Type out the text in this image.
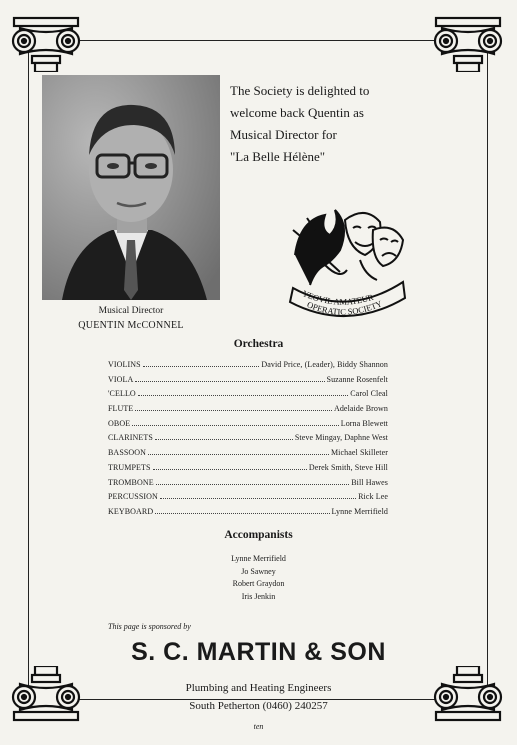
Musical Director
QUENTIN McCONNEL
The Society is delighted to
welcome back Quentin as
Musical Director for
"La Belle Hélène"
YEOVIL AMATEUR
OPERATIC SOCIETY
Orchestra
VIOLINS	David Price, (Leader), Biddy Shannon
VIOLA	Suzanne Rosenfelt
'CELLO	Carol Cleal
FLUTE	Adelaide Brown
OBOE	Lorna Blewett
CLARINETS	Steve Mingay, Daphne West
BASSOON	Michael Skilleter
TRUMPETS	Derek Smith, Steve Hill
TROMBONE	Bill Hawes
PERCUSSION	Rick Lee
KEYBOARD	Lynne Merrifield
Accompanists
Lynne Merrifield
Jo Sawney
Robert Graydon
Iris Jenkin
This page is sponsored by
S. C. MARTIN & SON
Plumbing and Heating Engineers
South Petherton (0460) 240257
ten
